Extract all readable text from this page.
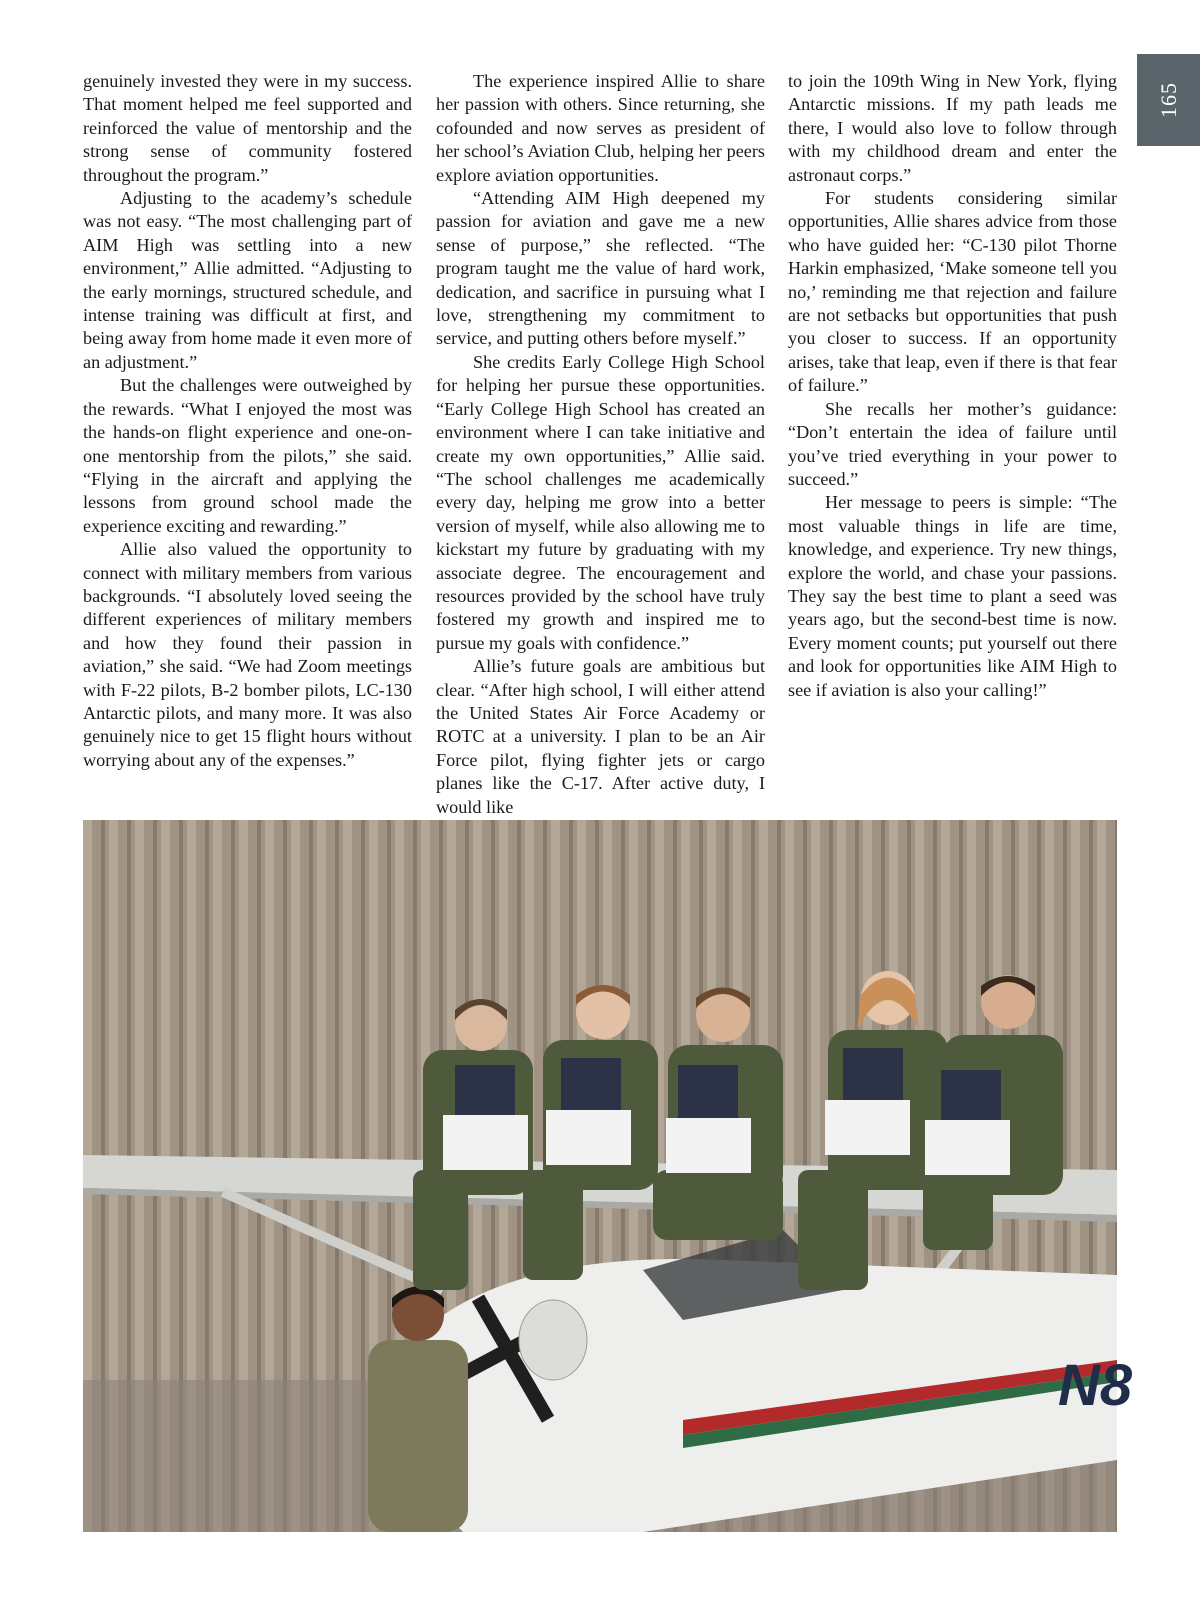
165

genuinely invested they were in my success. That moment helped me feel supported and reinforced the value of mentorship and the strong sense of community fostered throughout the program.”

Adjusting to the academy’s schedule was not easy. “The most challenging part of AIM High was settling into a new environment,” Allie admitted. “Adjusting to the early mornings, structured schedule, and intense training was difficult at first, and being away from home made it even more of an adjustment.”

But the challenges were outweighed by the rewards. “What I enjoyed the most was the hands-on flight experience and one-on-one mentorship from the pilots,” she said. “Flying in the aircraft and applying the lessons from ground school made the experience exciting and rewarding.”

Allie also valued the opportunity to connect with military members from various backgrounds. “I absolutely loved seeing the different experiences of military members and how they found their passion in aviation,” she said. “We had Zoom meetings with F-22 pilots, B-2 bomber pilots, LC-130 Antarctic pilots, and many more. It was also genuinely nice to get 15 flight hours without worrying about any of the expenses.”

The experience inspired Allie to share her passion with others. Since returning, she cofounded and now serves as president of her school’s Aviation Club, helping her peers explore aviation opportunities.

“Attending AIM High deepened my passion for aviation and gave me a new sense of purpose,” she reflected. “The program taught me the value of hard work, dedication, and sacrifice in pursuing what I love, strengthening my commitment to service, and putting others before myself.”

She credits Early College High School for helping her pursue these opportunities. “Early College High School has created an environment where I can take initiative and create my own opportunities,” Allie said. “The school challenges me academically every day, helping me grow into a better version of myself, while also allowing me to kickstart my future by graduating with my associate degree. The encouragement and resources provided by the school have truly fostered my growth and inspired me to pursue my goals with confidence.”

Allie’s future goals are ambitious but clear. “After high school, I will either attend the United States Air Force Academy or ROTC at a university. I plan to be an Air Force pilot, flying fighter jets or cargo planes like the C-17. After active duty, I would like

to join the 109th Wing in New York, flying Antarctic missions. If my path leads me there, I would also love to follow through with my childhood dream and enter the astronaut corps.”

For students considering similar opportunities, Allie shares advice from those who have guided her: “C-130 pilot Thorne Harkin emphasized, ‘Make someone tell you no,’ reminding me that rejection and failure are not setbacks but opportunities that push you closer to success. If an opportunity arises, take that leap, even if there is that fear of failure.”

She recalls her mother’s guidance: “Don’t entertain the idea of failure until you’ve tried everything in your power to succeed.”

Her message to peers is simple: “The most valuable things in life are time, knowledge, and experience. Try new things, explore the world, and chase your passions. They say the best time to plant a seed was years ago, but the second-best time is now. Every moment counts; put yourself out there and look for opportunities like AIM High to see if aviation is also your calling!”

N8
